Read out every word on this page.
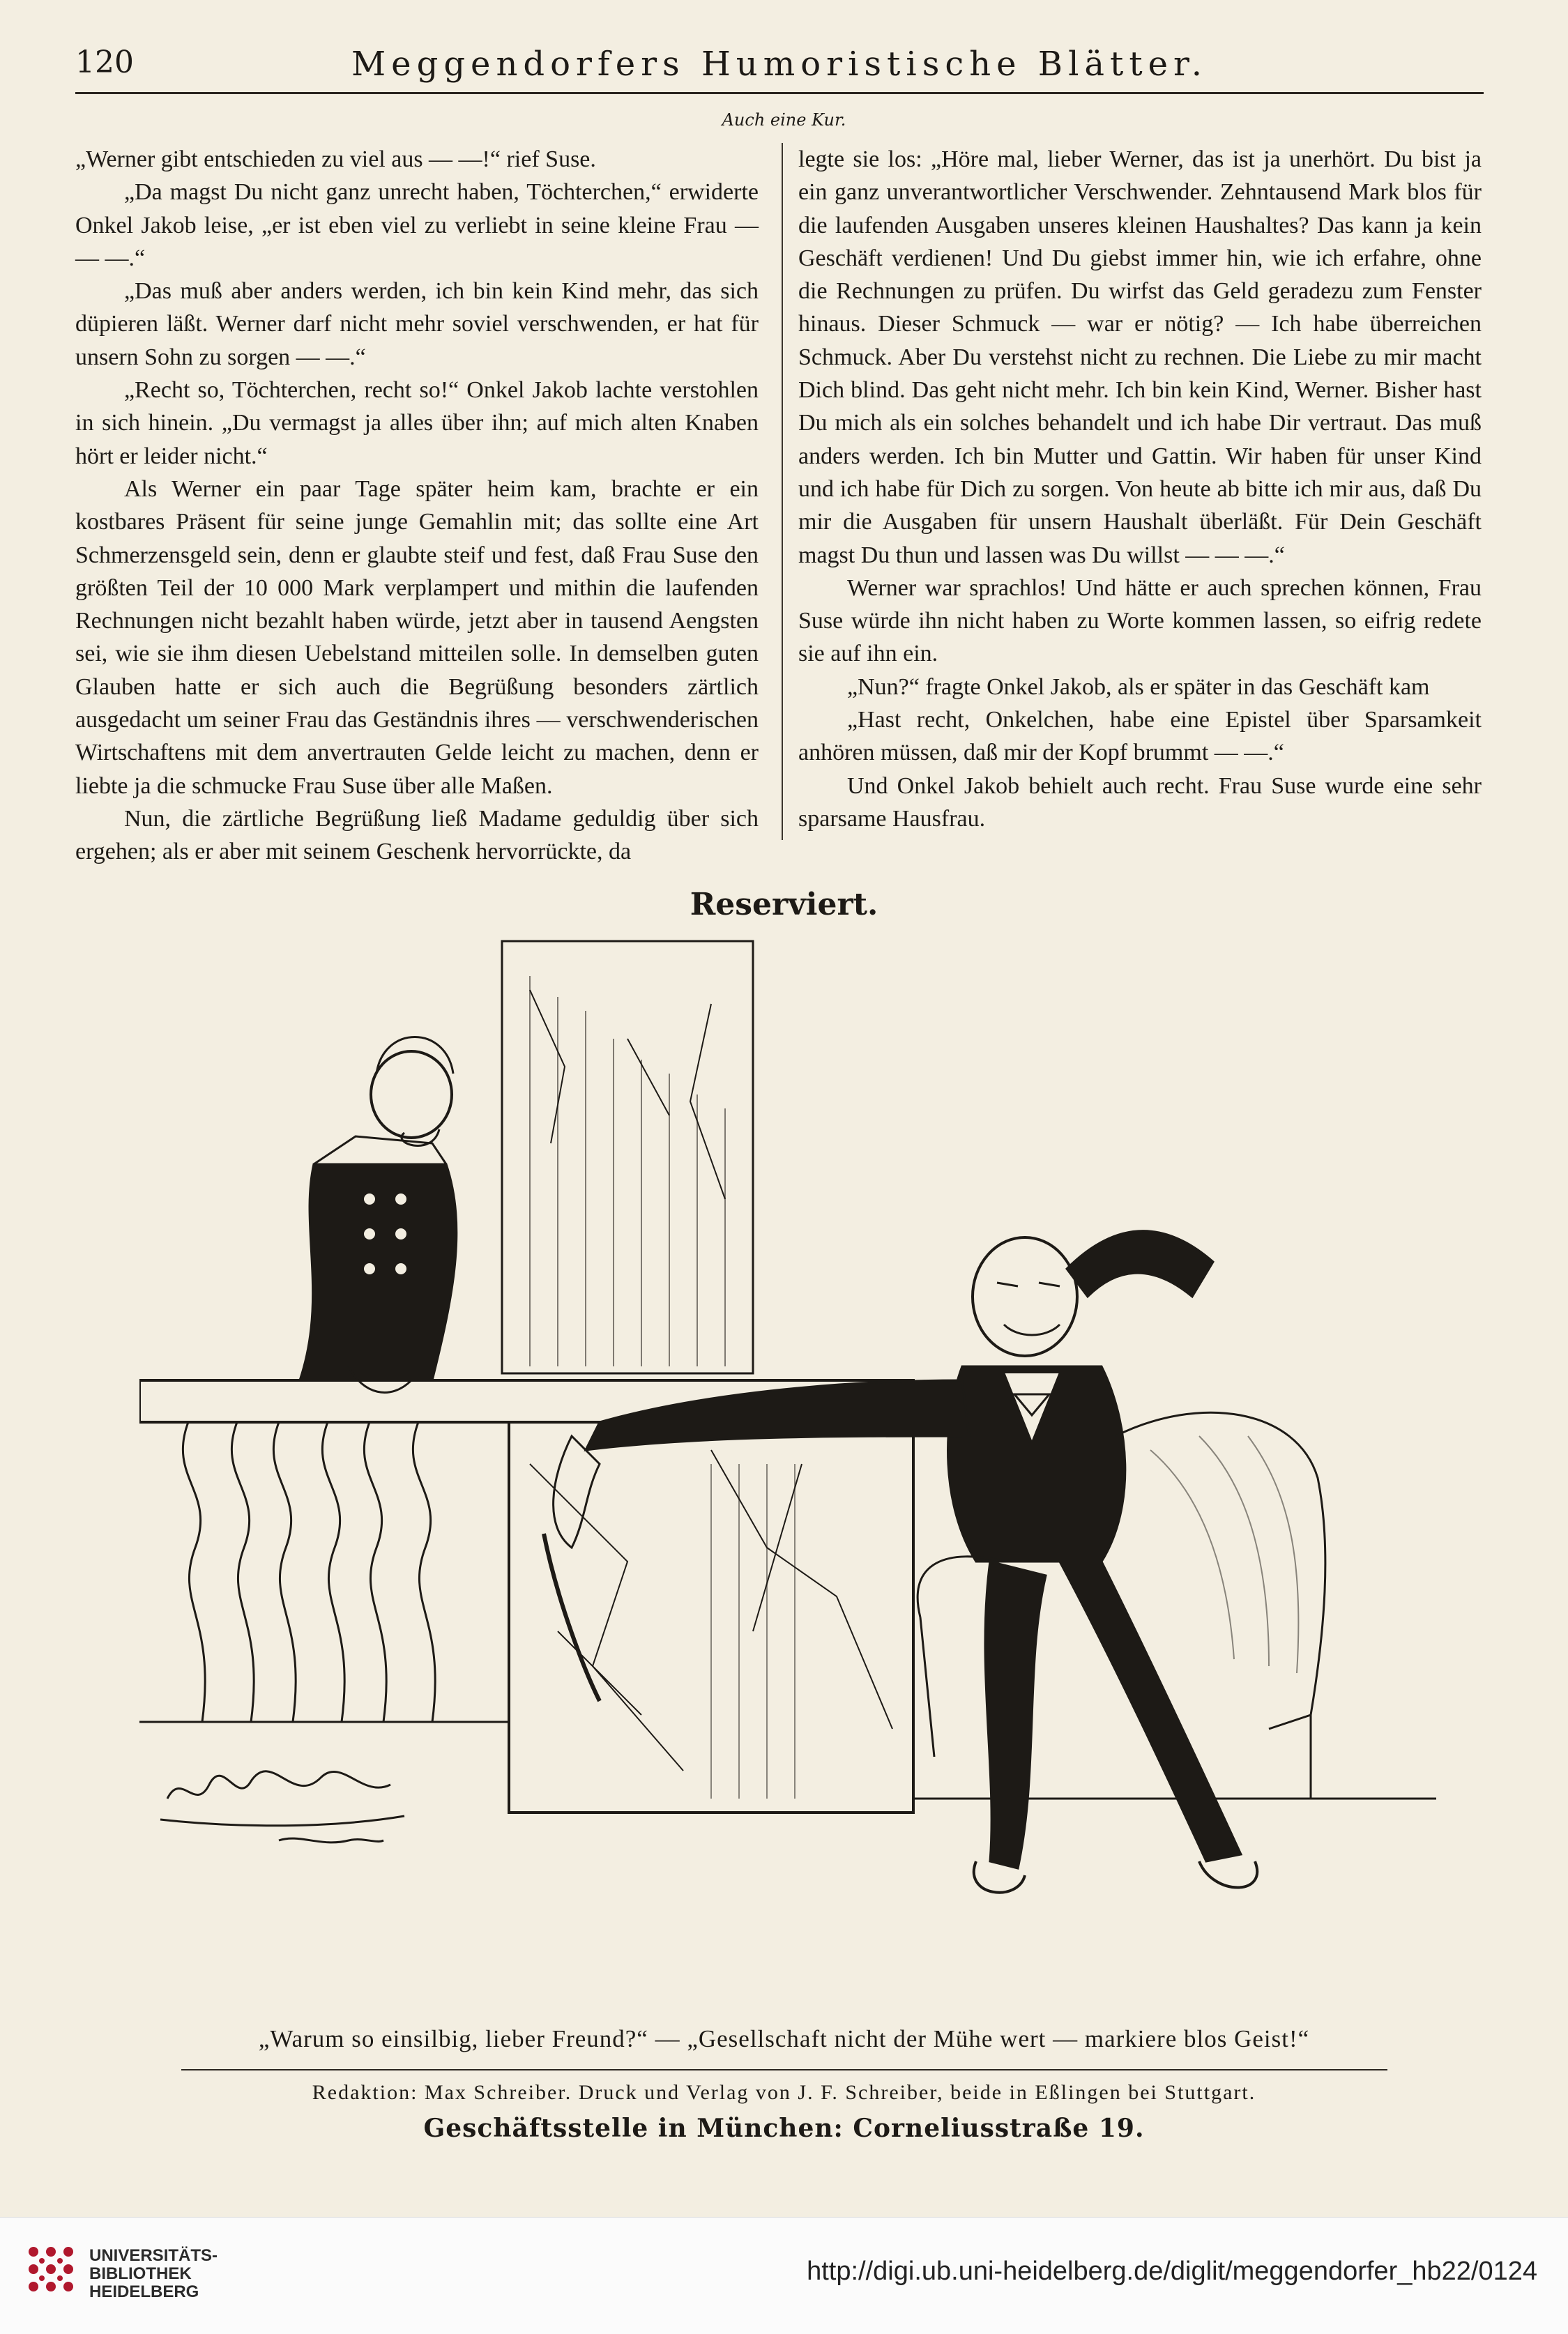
120	Meggendorfers Humoristische Blätter.
Auch eine Kur.

„Werner gibt entschieden zu viel aus — —!“ rief Suse.

„Da magst Du nicht ganz unrecht haben, Töchterchen,“ erwiderte Onkel Jakob leise, „er ist eben viel zu verliebt in seine kleine Frau — — —.“

„Das muß aber anders werden, ich bin kein Kind mehr, das sich düpieren läßt. Werner darf nicht mehr soviel verschwenden, er hat für unsern Sohn zu sorgen — —.“

„Recht so, Töchterchen, recht so!“ Onkel Jakob lachte verstohlen in sich hinein. „Du vermagst ja alles über ihn; auf mich alten Knaben hört er leider nicht.“

Als Werner ein paar Tage später heim kam, brachte er ein kostbares Präsent für seine junge Gemahlin mit; das sollte eine Art Schmerzensgeld sein, denn er glaubte steif und fest, daß Frau Suse den größten Teil der 10 000 Mark verplampert und mithin die laufenden Rechnungen nicht bezahlt haben würde, jetzt aber in tausend Aengsten sei, wie sie ihm diesen Uebelstand mitteilen solle. In demselben guten Glauben hatte er sich auch die Begrüßung besonders zärtlich ausgedacht um seiner Frau das Geständnis ihres — verschwenderischen Wirtschaftens mit dem anvertrauten Gelde leicht zu machen, denn er liebte ja die schmucke Frau Suse über alle Maßen.

Nun, die zärtliche Begrüßung ließ Madame geduldig über sich ergehen; als er aber mit seinem Geschenk hervorrückte, da

legte sie los: „Höre mal, lieber Werner, das ist ja unerhört. Du bist ja ein ganz unverantwortlicher Verschwender. Zehntausend Mark blos für die laufenden Ausgaben unseres kleinen Haushaltes? Das kann ja kein Geschäft verdienen! Und Du giebst immer hin, wie ich erfahre, ohne die Rechnungen zu prüfen. Du wirfst das Geld geradezu zum Fenster hinaus. Dieser Schmuck — war er nötig? — Ich habe überreichen Schmuck. Aber Du verstehst nicht zu rechnen. Die Liebe zu mir macht Dich blind. Das geht nicht mehr. Ich bin kein Kind, Werner. Bisher hast Du mich als ein solches behandelt und ich habe Dir vertraut. Das muß anders werden. Ich bin Mutter und Gattin. Wir haben für unser Kind und ich habe für Dich zu sorgen. Von heute ab bitte ich mir aus, daß Du mir die Ausgaben für unsern Haushalt überläßt. Für Dein Geschäft magst Du thun und lassen was Du willst — — —.“

Werner war sprachlos! Und hätte er auch sprechen können, Frau Suse würde ihn nicht haben zu Worte kommen lassen, so eifrig redete sie auf ihn ein.

„Nun?“ fragte Onkel Jakob, als er später in das Geschäft kam

„Hast recht, Onkelchen, habe eine Epistel über Sparsamkeit anhören müssen, daß mir der Kopf brummt — —.“

Und Onkel Jakob behielt auch recht. Frau Suse wurde eine sehr sparsame Hausfrau.

Reserviert.
„Warum so einsilbig, lieber Freund?“ — „Gesellschaft nicht der Mühe wert — markiere blos Geist!“
Redaktion: Max Schreiber. Druck und Verlag von J. F. Schreiber, beide in Eßlingen bei Stuttgart.
Geschäftsstelle in München: Corneliusstraße 19.
UNIVERSITÄTS-
BIBLIOTHEK
HEIDELBERG
http://digi.ub.uni-heidelberg.de/diglit/meggendorfer_hb22/0124
